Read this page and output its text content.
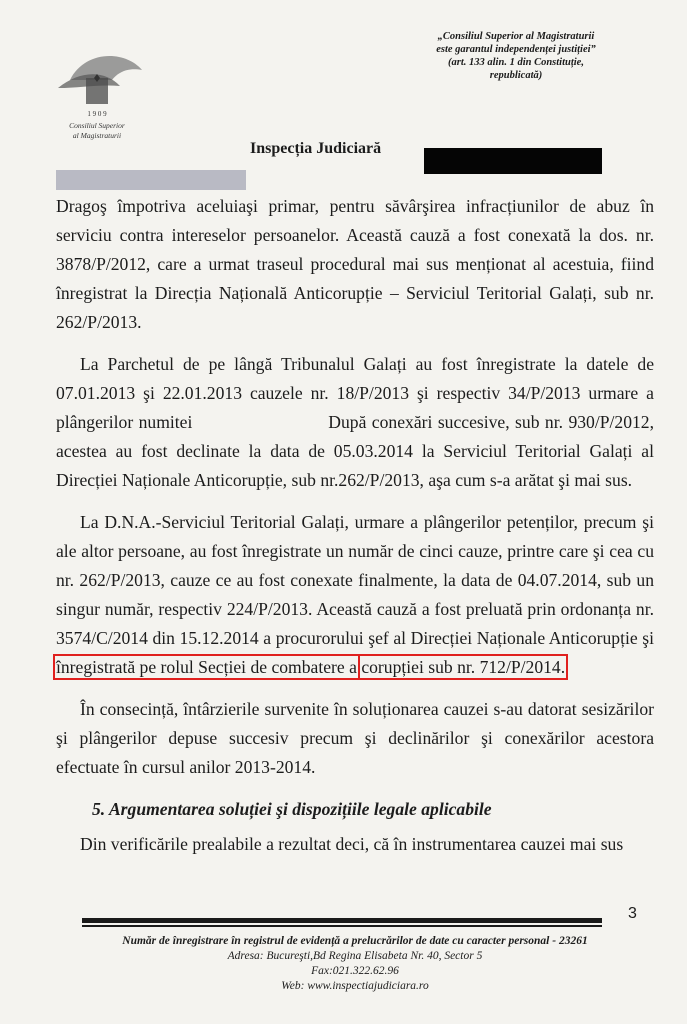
1 9 0 9
Consiliul Superior
al Magistraturii
„Consiliul Superior al Magistraturii
este garantul independenței justiției”
(art. 133 alin. 1 din Constituție,
republicată)
Inspecția Judiciară

Dragoş împotriva aceluiaşi primar, pentru săvârşirea infracțiunilor de abuz în serviciu contra intereselor persoanelor. Această cauză a fost conexată la dos. nr. 3878/P/2012, care a urmat traseul procedural mai sus menționat al acestuia, fiind înregistrat la Direcția Națională Anticorupție – Serviciul Teritorial Galați, sub nr. 262/P/2013.

La Parchetul de pe lângă Tribunalul Galați au fost înregistrate la datele de 07.01.2013 şi 22.01.2013 cauzele nr. 18/P/2013 şi respectiv 34/P/2013 urmare a plângerilor numitei                         După conexări succesive, sub nr. 930/P/2012, acestea au fost declinate la data de 05.03.2014 la Serviciul Teritorial Galați al Direcției Naționale Anticorupție, sub nr.262/P/2013, aşa cum s-a arătat şi mai sus.

La D.N.A.-Serviciul Teritorial Galați, urmare a plângerilor petenților, precum şi ale altor persoane, au fost înregistrate un număr de cinci cauze, printre care şi cea cu nr. 262/P/2013, cauze ce au fost conexate finalmente, la data de 04.07.2014, sub un singur număr, respectiv 224/P/2013. Această cauză a fost preluată prin ordonanța nr. 3574/C/2014 din 15.12.2014 a procurorului şef al Direcției Naționale Anticorupție şi înregistrată pe rolul Secției de combatere a corupției sub nr. 712/P/2014.

În consecință, întârzierile survenite în soluționarea cauzei s-au datorat sesizărilor şi plângerilor depuse succesiv precum şi declinărilor şi conexărilor acestora efectuate în cursul anilor 2013-2014.

5. Argumentarea soluției şi dispozițiile legale aplicabile

Din verificările prealabile a rezultat deci, că în instrumentarea cauzei mai sus

3
Număr de înregistrare în registrul de evidență a prelucrărilor de date cu caracter personal - 23261
Adresa: Bucureşti,Bd Regina Elisabeta Nr. 40, Sector 5
Fax:021.322.62.96
Web: www.inspectiajudiciara.ro
